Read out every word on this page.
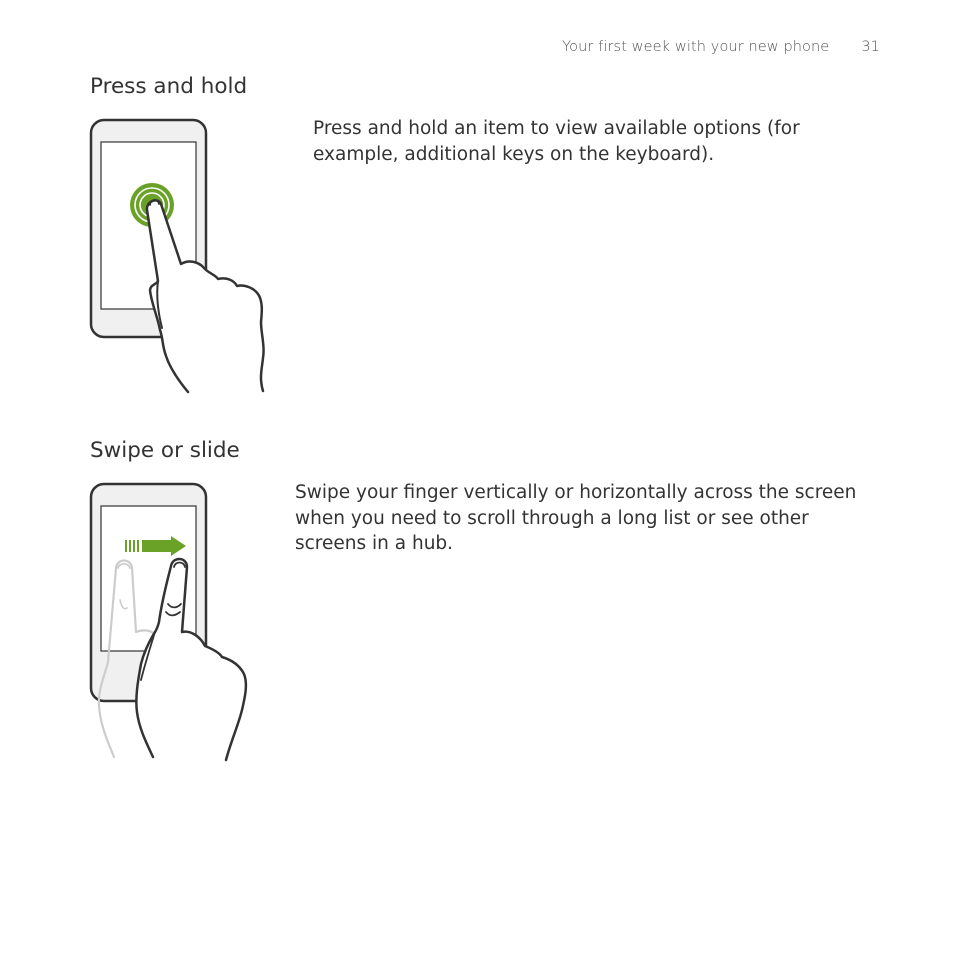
Your first week with your new phone 31
Press and hold

Press and hold an item to view available options (for example, additional keys on the keyboard).

Swipe or slide

Swipe your finger vertically or horizontally across the screen when you need to scroll through a long list or see other screens in a hub.
